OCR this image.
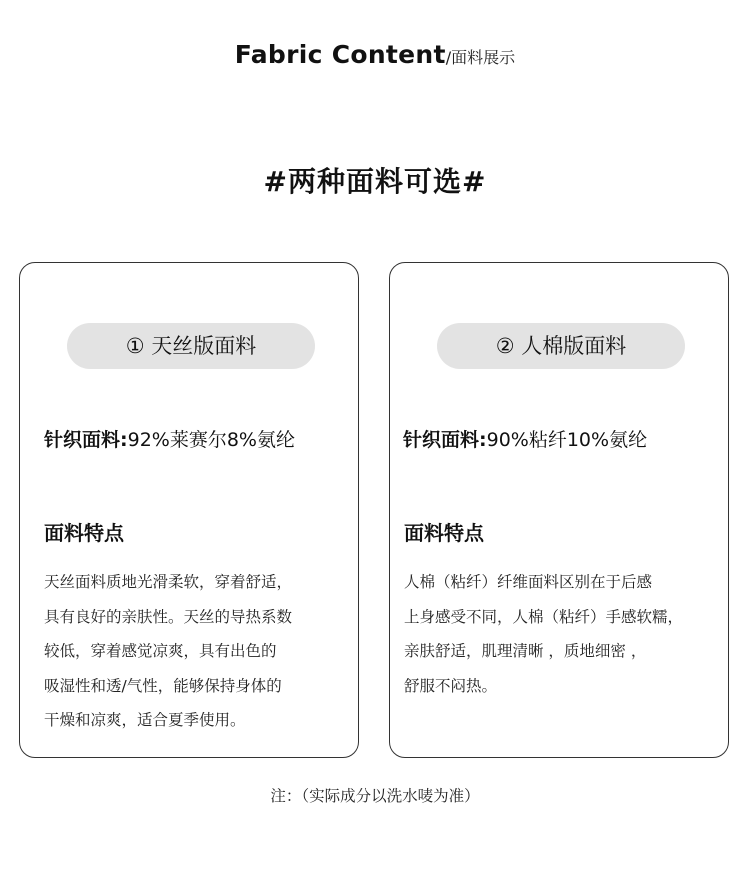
Fabric Content/面料展示
#两种面料可选#
① 天丝版面料
针织面料:92%莱赛尔8%氨纶
面料特点
天丝面料质地光滑柔软，穿着舒适，
具有良好的亲肤性。天丝的导热系数
较低，穿着感觉凉爽，具有出色的
吸湿性和透/气性，能够保持身体的
干燥和凉爽，适合夏季使用。
② 人棉版面料
针织面料:90%粘纤10%氨纶
面料特点
人棉（粘纤）纤维面料区别在于后感
上身感受不同，人棉（粘纤）手感软糯，
亲肤舒适，肌理清晰 ，质地细密 ，
舒服不闷热。
注：（实际成分以洗水唛为准）
